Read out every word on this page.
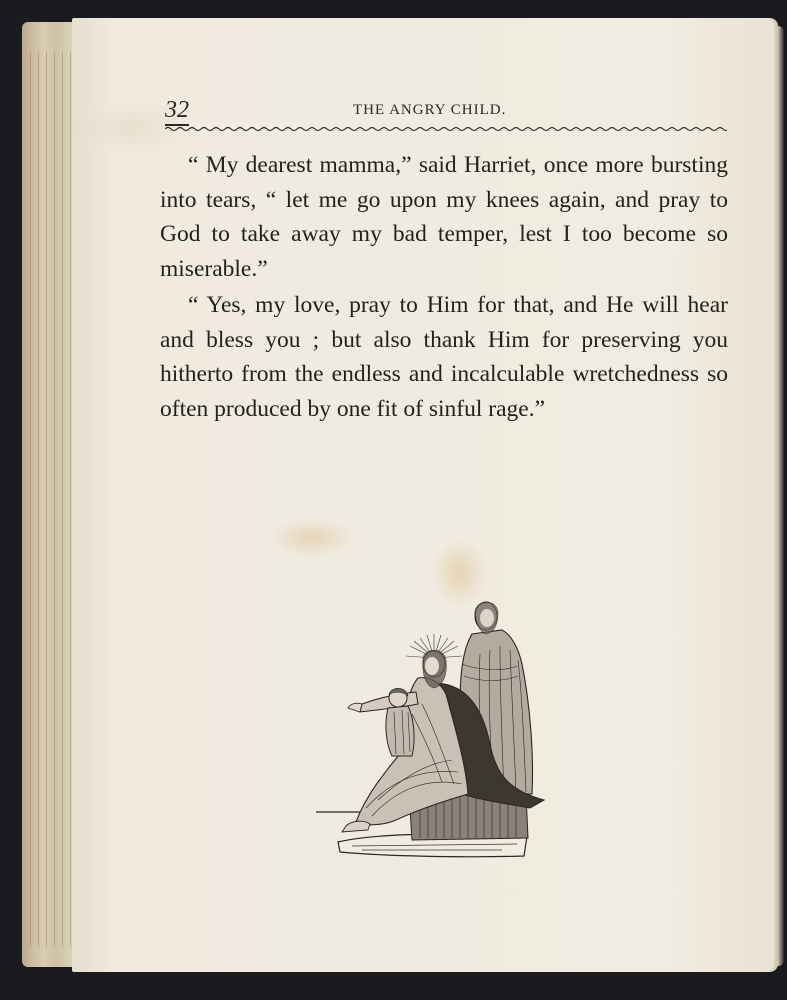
32	THE ANGRY CHILD.

“ My dearest mamma,” said Harriet, once more bursting into tears, “ let me go upon my knees again, and pray to God to take away my bad temper, lest I too become so miserable.”

“ Yes, my love, pray to Him for that, and He will hear and bless you ; but also thank Him for preserving you hitherto from the endless and incalculable wretchedness so often produced by one fit of sinful rage.”
